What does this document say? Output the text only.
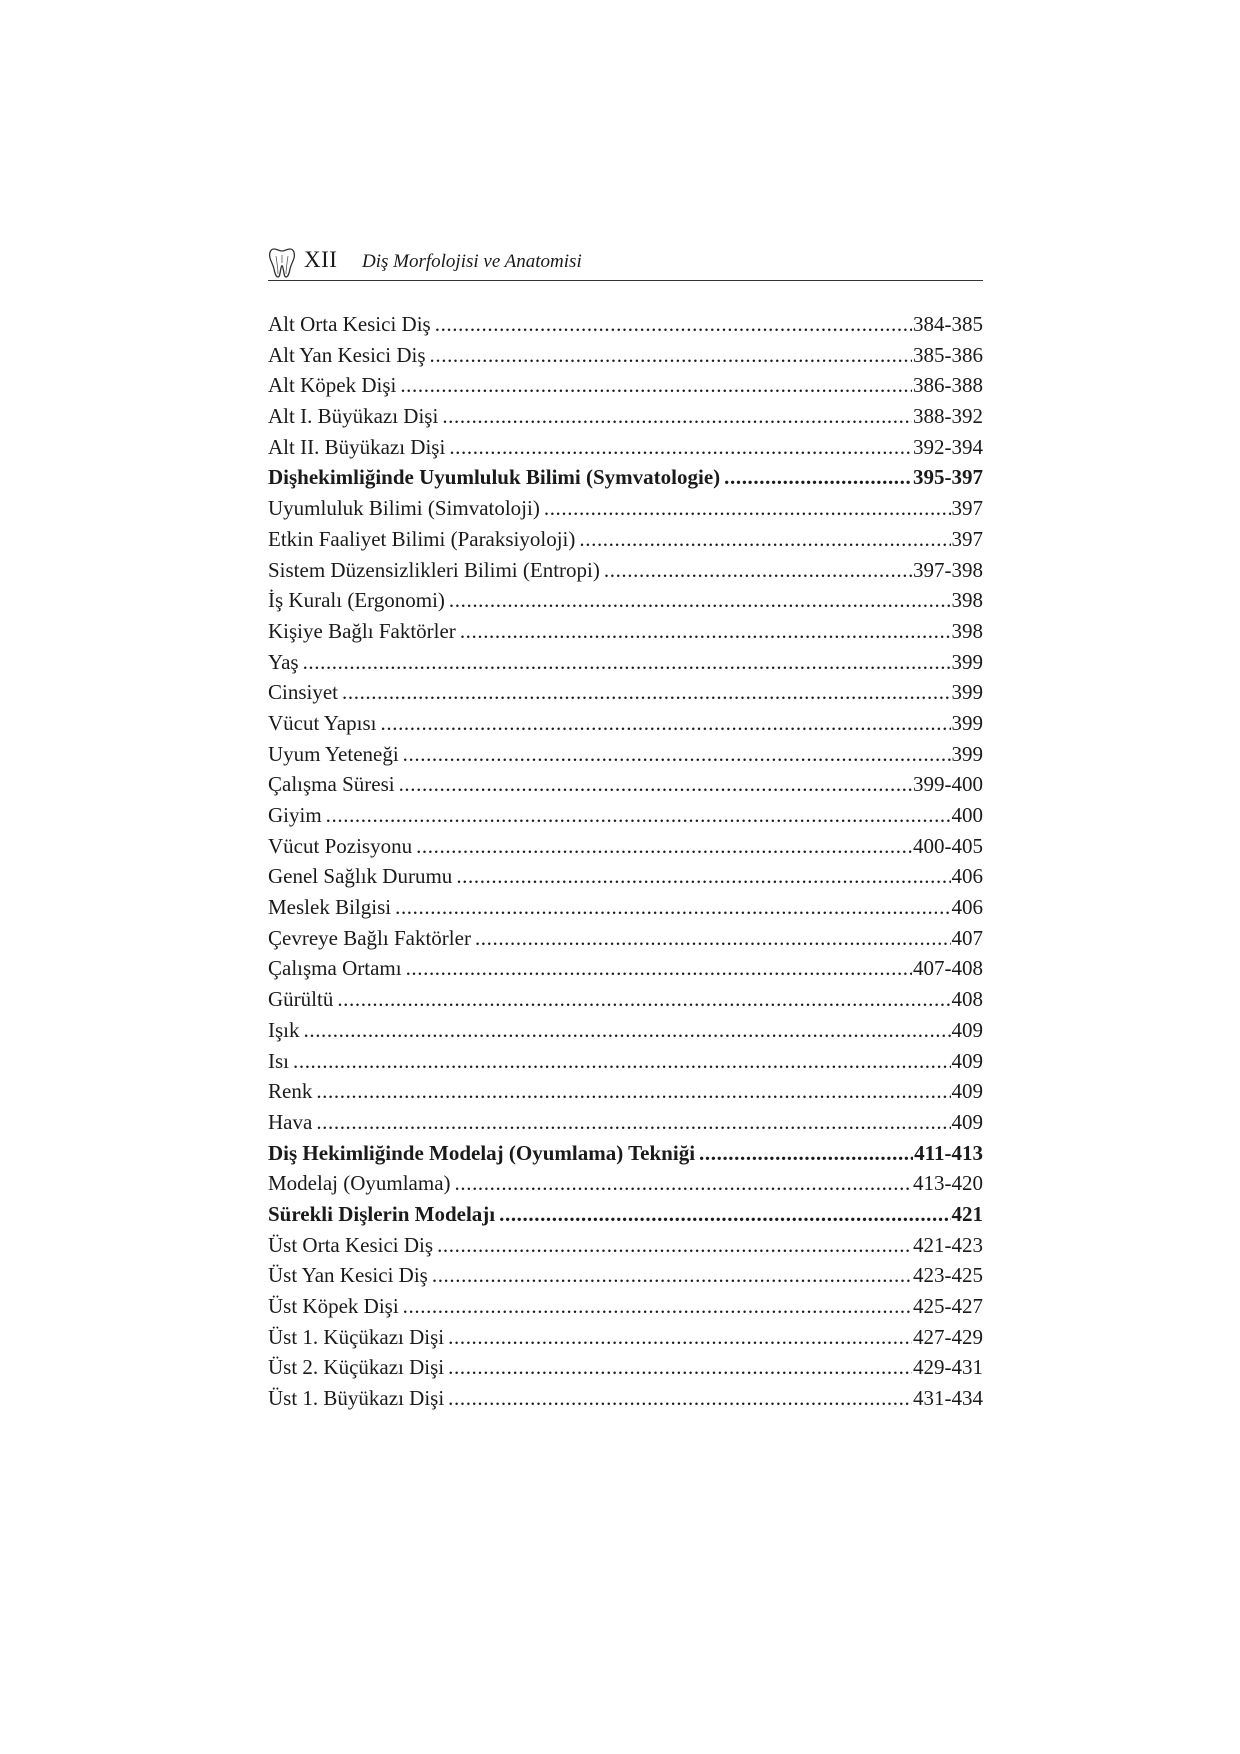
XII Diş Morfolojisi ve Anatomisi
Alt Orta Kesici Diş .....	384-385
Alt Yan Kesici Diş .....	385-386
Alt Köpek Dişi .....	386-388
Alt I. Büyükazı Dişi .....	388-392
Alt II. Büyükazı Dişi .....	392-394
Dişhekimliğinde Uyumluluk Bilimi (Symvatologie) .....	395-397
Uyumluluk Bilimi (Simvatoloji) .....	397
Etkin Faaliyet Bilimi (Paraksiyoloji) .....	397
Sistem Düzensizlikleri Bilimi (Entropi) .....	397-398
İş Kuralı (Ergonomi) .....	398
Kişiye Bağlı Faktörler .....	398
Yaş .....	399
Cinsiyet .....	399
Vücut Yapısı .....	399
Uyum Yeteneği .....	399
Çalışma Süresi .....	399-400
Giyim .....	400
Vücut Pozisyonu .....	400-405
Genel Sağlık Durumu .....	406
Meslek Bilgisi .....	406
Çevreye Bağlı Faktörler .....	407
Çalışma Ortamı .....	407-408
Gürültü .....	408
Işık .....	409
Isı .....	409
Renk .....	409
Hava .....	409
Diş Hekimliğinde Modelaj (Oyumlama) Tekniği .....	411-413
Modelaj (Oyumlama) .....	413-420
Sürekli Dişlerin Modelajı .....	421
Üst Orta Kesici Diş .....	421-423
Üst Yan Kesici Diş .....	423-425
Üst Köpek Dişi .....	425-427
Üst 1. Küçükazı Dişi .....	427-429
Üst 2. Küçükazı Dişi .....	429-431
Üst 1. Büyükazı Dişi .....	431-434
